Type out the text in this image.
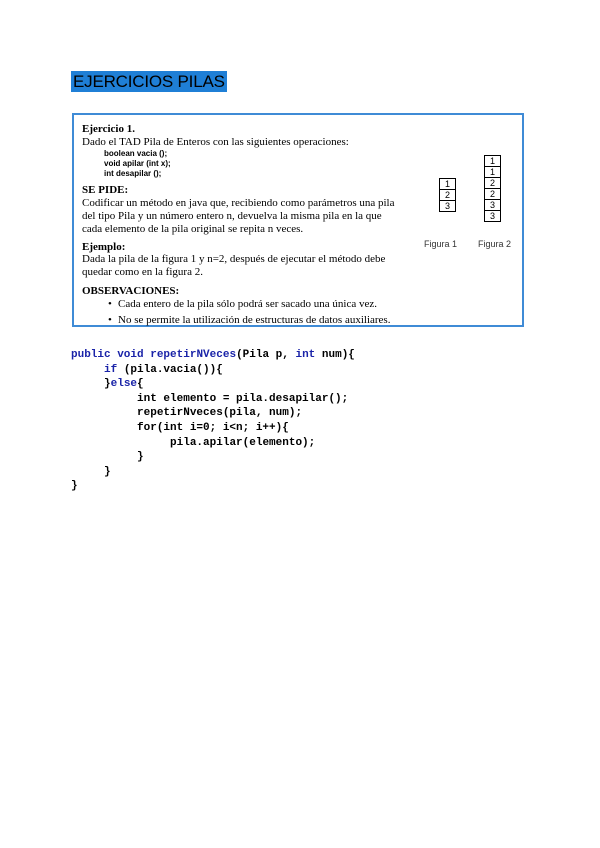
EJERCICIOS PILAS
Ejercicio 1.
Dado el TAD Pila de Enteros con las siguientes operaciones:
boolean vacia ();
void apilar (int x);
int desapilar ();
SE PIDE:
Codificar un método en java que, recibiendo como parámetros una pila
del tipo Pila y un número entero n, devuelva la misma pila en la que
cada elemento de la pila original se repita n veces.
Ejemplo:
Dada la pila de la figura 1 y n=2, después de ejecutar el método debe
quedar como en la figura 2.
OBSERVACIONES:
• Cada entero de la pila sólo podrá ser sacado una única vez.
• No se permite la utilización de estructuras de datos auxiliares.
1
2
3
Figura 1
1
1
2
2
3
3
Figura 2
public void repetirNVeces(Pila p, int num){
if (pila.vacia()){
}else{
int elemento = pila.desapilar();
repetirNveces(pila, num);
for(int i=0; i<n; i++){
pila.apilar(elemento);
}
}
}
